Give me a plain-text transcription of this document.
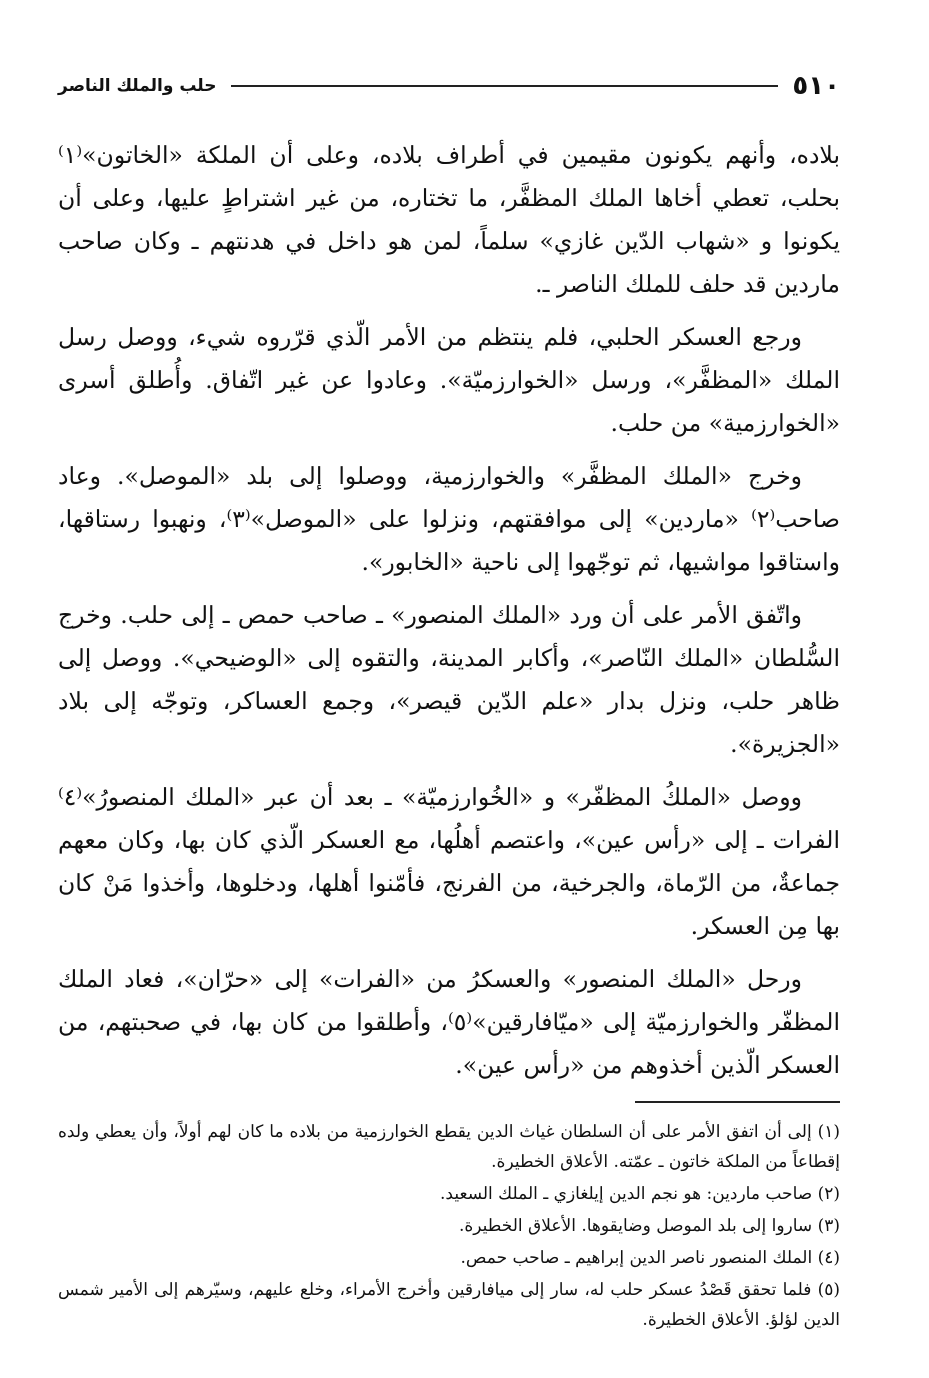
٥١٠
حلب والملك الناصر

بلاده، وأنهم يكونون مقيمين في أطراف بلاده، وعلى أن الملكة «الخاتون»⁽١⁾ بحلب، تعطي أخاها الملك المظفَّر، ما تختاره، من غير اشتراطٍ عليها، وعلى أن يكونوا و «شهاب الدّين غازي» سلماً، لمن هو داخل في هدنتهم ـ وكان صاحب ماردين قد حلف للملك الناصر ـ.

ورجع العسكر الحلبي، فلم ينتظم من الأمر الّذي قرّروه شيء، ووصل رسل الملك «المظفَّر»، ورسل «الخوارزميّة». وعادوا عن غير اتّفاق. وأُطلق أسرى «الخوارزمية» من حلب.

وخرج «الملك المظفَّر» والخوارزمية، ووصلوا إلى بلد «الموصل». وعاد صاحب⁽٢⁾ «ماردين» إلى موافقتهم، ونزلوا على «الموصل»⁽٣⁾، ونهبوا رستاقها، واستاقوا مواشيها، ثم توجّهوا إلى ناحية «الخابور».

واتّفق الأمر على أن ورد «الملك المنصور» ـ صاحب حمص ـ إلى حلب. وخرج السُّلطان «الملك النّاصر»، وأكابر المدينة، والتقوه إلى «الوضيحي». ووصل إلى ظاهر حلب، ونزل بدار «علم الدّين قيصر»، وجمع العساكر، وتوجّه إلى بلاد «الجزيرة».

ووصل «الملكُ المظفّر» و «الخُوارزميّة» ـ بعد أن عبر «الملك المنصورُ»⁽٤⁾ الفرات ـ إلى «رأس عين»، واعتصم أهلُها، مع العسكر الّذي كان بها، وكان معهم جماعةٌ، من الرّماة، والجرخية، من الفرنج، فأمّنوا أهلها، ودخلوها، وأخذوا مَنْ كان بها مِن العسكر.

ورحل «الملك المنصور» والعسكرُ من «الفرات» إلى «حرّان»، فعاد الملك المظفّر والخوارزميّة إلى «ميّافارقين»⁽٥⁾، وأطلقوا من كان بها، في صحبتهم، من العسكر الّذين أخذوهم من «رأس عين».

(١) إلى أن اتفق الأمر على أن السلطان غياث الدين يقطع الخوارزمية من بلاده ما كان لهم أولاً، وأن يعطي ولده إقطاعاً من الملكة خاتون ـ عمّته. الأعلاق الخطيرة.

(٢) صاحب ماردين: هو نجم الدين إيلغازي ـ الملك السعيد.

(٣) ساروا إلى بلد الموصل وضايقوها. الأعلاق الخطيرة.

(٤) الملك المنصور ناصر الدين إبراهيم ـ صاحب حمص.

(٥) فلما تحقق قَصْدُ عسكر حلب له، سار إلى ميافارقين وأخرج الأمراء، وخلع عليهم، وسيّرهم إلى الأمير شمس الدين لؤلؤ. الأعلاق الخطيرة.
